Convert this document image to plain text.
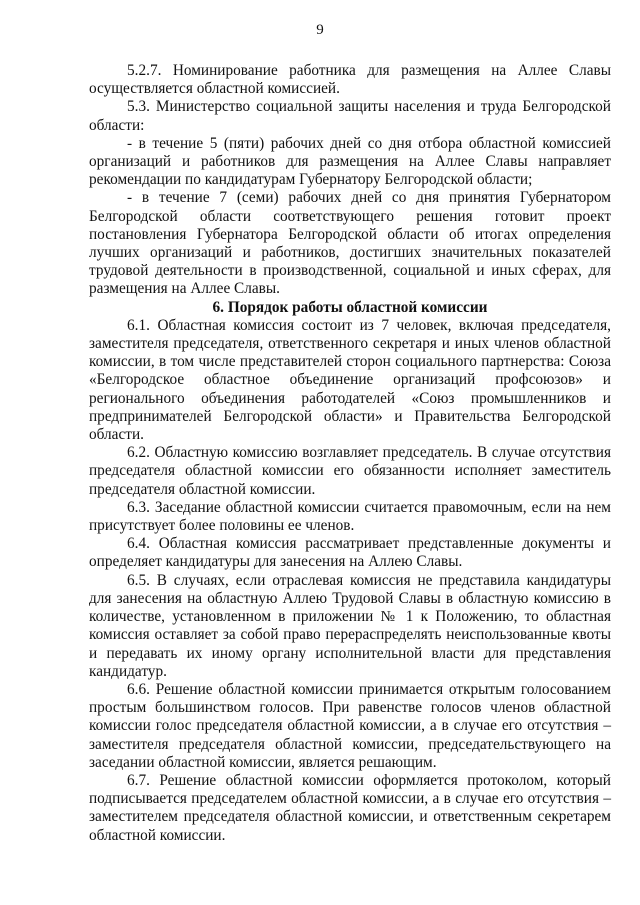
9

5.2.7. Номинирование работника для размещения на Аллее Славы осуществляется областной комиссией.

5.3. Министерство социальной защиты населения и труда Белгородской области:

- в течение 5 (пяти) рабочих дней со дня отбора областной комиссией организаций и работников для размещения на Аллее Славы направляет рекомендации по кандидатурам Губернатору Белгородской области;

- в течение 7 (семи) рабочих дней со дня принятия Губернатором Белгородской области соответствующего решения готовит проект постановления Губернатора Белгородской области об итогах определения лучших организаций и работников, достигших значительных показателей трудовой деятельности в производственной, социальной и иных сферах, для размещения на Аллее Славы.

6. Порядок работы областной комиссии

6.1. Областная комиссия состоит из 7 человек, включая председателя, заместителя председателя, ответственного секретаря и иных членов областной комиссии, в том числе представителей сторон социального партнерства: Союза «Белгородское областное объединение организаций профсоюзов» и регионального объединения работодателей «Союз промышленников и предпринимателей Белгородской области» и Правительства Белгородской области.

6.2. Областную комиссию возглавляет председатель. В случае отсутствия председателя областной комиссии его обязанности исполняет заместитель председателя областной комиссии.

6.3. Заседание областной комиссии считается правомочным, если на нем присутствует более половины ее членов.

6.4. Областная комиссия рассматривает представленные документы и определяет кандидатуры для занесения на Аллею Славы.

6.5. В случаях, если отраслевая комиссия не представила кандидатуры для занесения на областную Аллею Трудовой Славы в областную комиссию в количестве, установленном в приложении № 1 к Положению, то областная комиссия оставляет за собой право перераспределять неиспользованные квоты и передавать их иному органу исполнительной власти для представления кандидатур.

6.6. Решение областной комиссии принимается открытым голосованием простым большинством голосов. При равенстве голосов членов областной комиссии голос председателя областной комиссии, а в случае его отсутствия – заместителя председателя областной комиссии, председательствующего на заседании областной комиссии, является решающим.

6.7. Решение областной комиссии оформляется протоколом, который подписывается председателем областной комиссии, а в случае его отсутствия – заместителем председателя областной комиссии, и ответственным секретарем областной комиссии.
